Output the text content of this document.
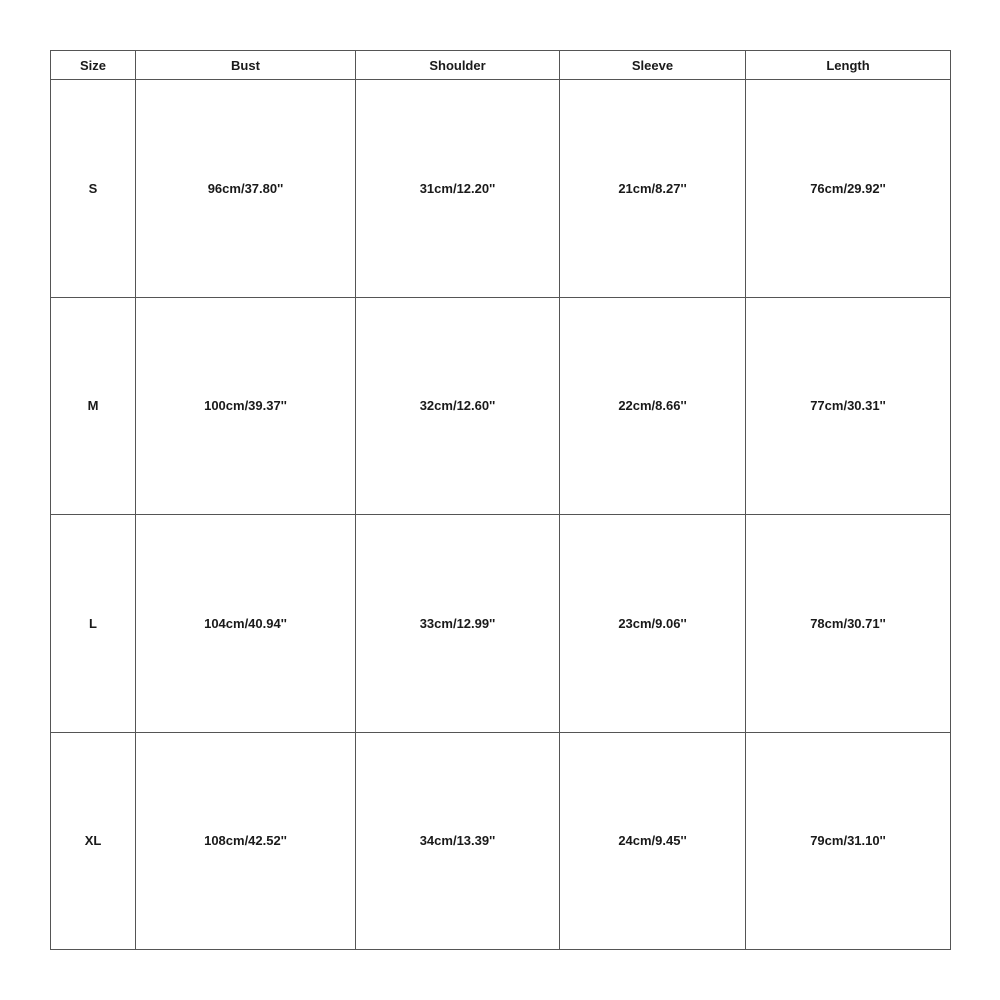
Size	Bust	Shoulder	Sleeve	Length
S	96cm/37.80''	31cm/12.20''	21cm/8.27''	76cm/29.92''
M	100cm/39.37''	32cm/12.60''	22cm/8.66''	77cm/30.31''
L	104cm/40.94''	33cm/12.99''	23cm/9.06''	78cm/30.71''
XL	108cm/42.52''	34cm/13.39''	24cm/9.45''	79cm/31.10''
